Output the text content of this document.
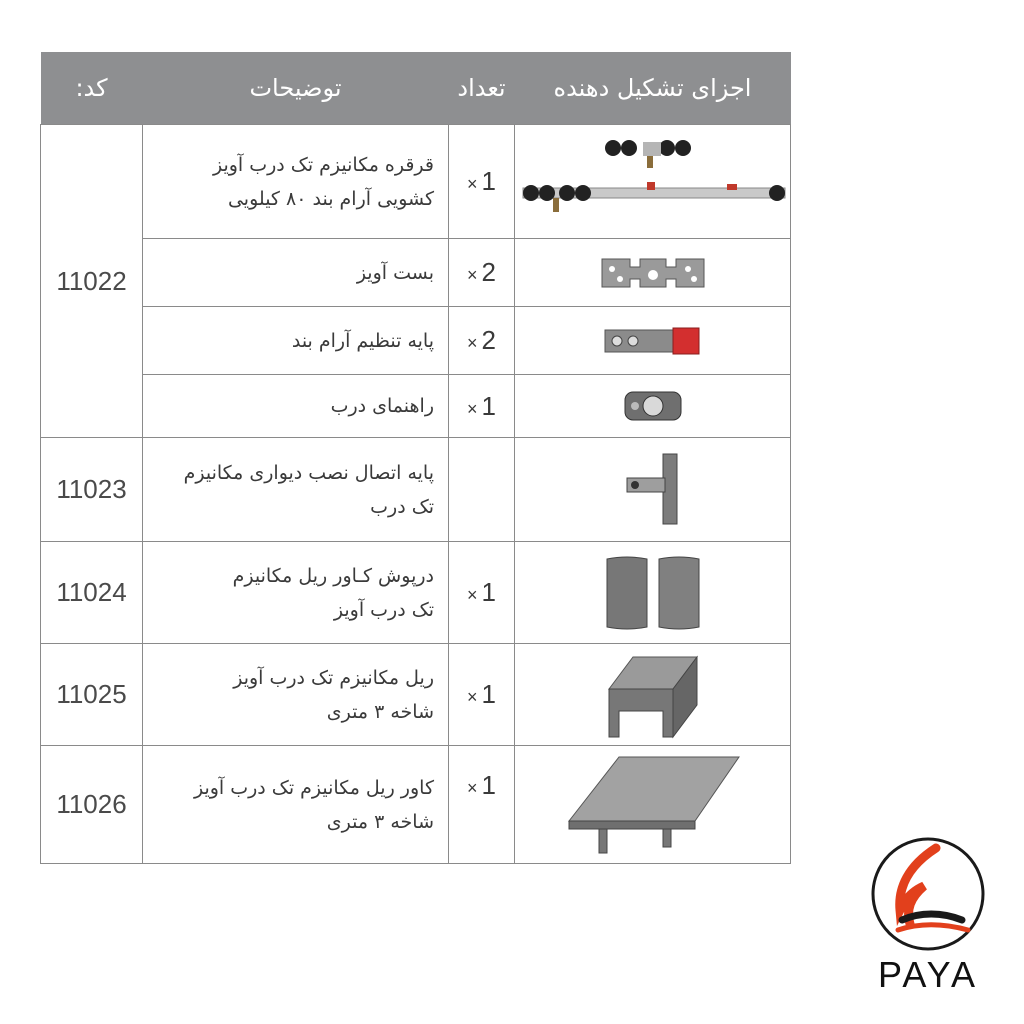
کد:	توضیحات	تعداد	اجزای تشکیل دهنده
11022	قرقره مکانیزم تک درب آویز
کشویی آرام بند ۸۰ کیلویی	× 1	

	بست آویز	× 2	

	پایه تنظیم آرام بند	× 2	

	راهنمای درب	× 1	

11023	پایه اتصال نصب دیواری مکانیزم
تک درب

11024	درپوش کـاور ریل مکانیزم
تک درب آویز	× 1	

11025	ریل مکانیزم تک درب آویز
شاخه ۳ متری	× 1	

11026	کاور ریل مکانیزم تک درب آویز
شاخه ۳ متری	× 1	
PAYA
